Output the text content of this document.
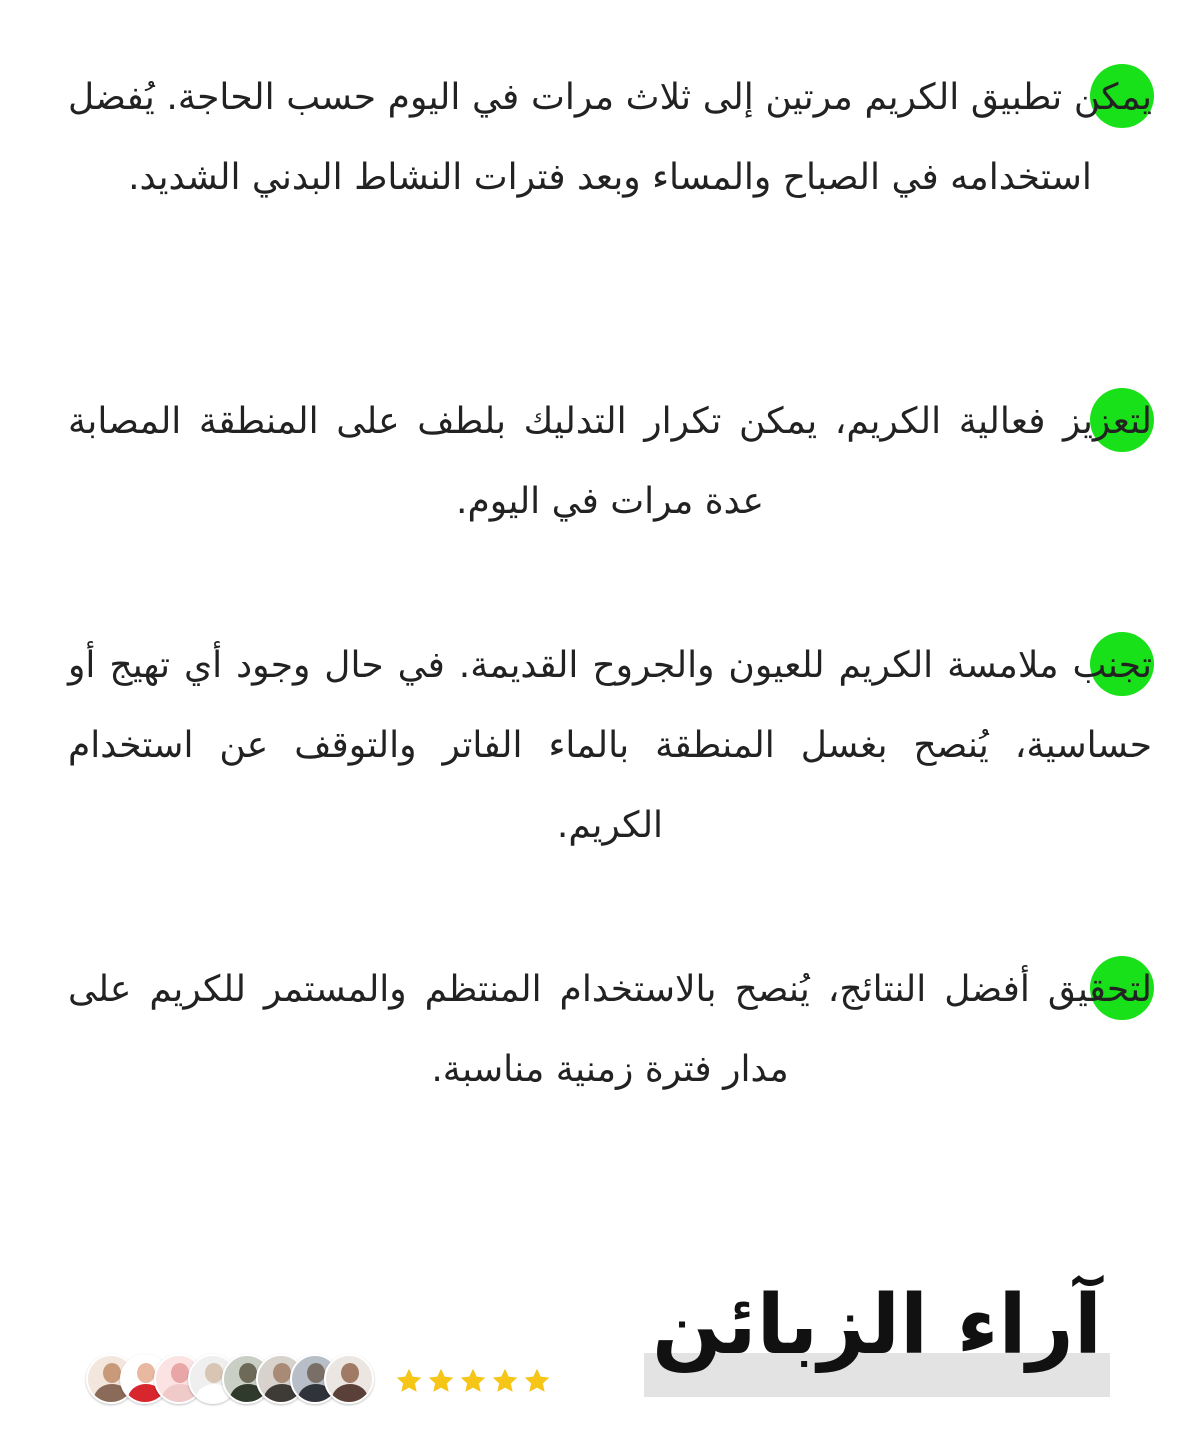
يمكن تطبيق الكريم مرتين إلى ثلاث مرات في اليوم حسب الحاجة. يُفضل استخدامه في الصباح والمساء وبعد فترات النشاط البدني الشديد.
لتعزيز فعالية الكريم، يمكن تكرار التدليك بلطف على المنطقة المصابة عدة مرات في اليوم.
تجنب ملامسة الكريم للعيون والجروح القديمة. في حال وجود أي تهيج أو حساسية، يُنصح بغسل المنطقة بالماء الفاتر والتوقف عن استخدام الكريم.
لتحقيق أفضل النتائج، يُنصح بالاستخدام المنتظم والمستمر للكريم على مدار فترة زمنية مناسبة.
آراء الزبائن
